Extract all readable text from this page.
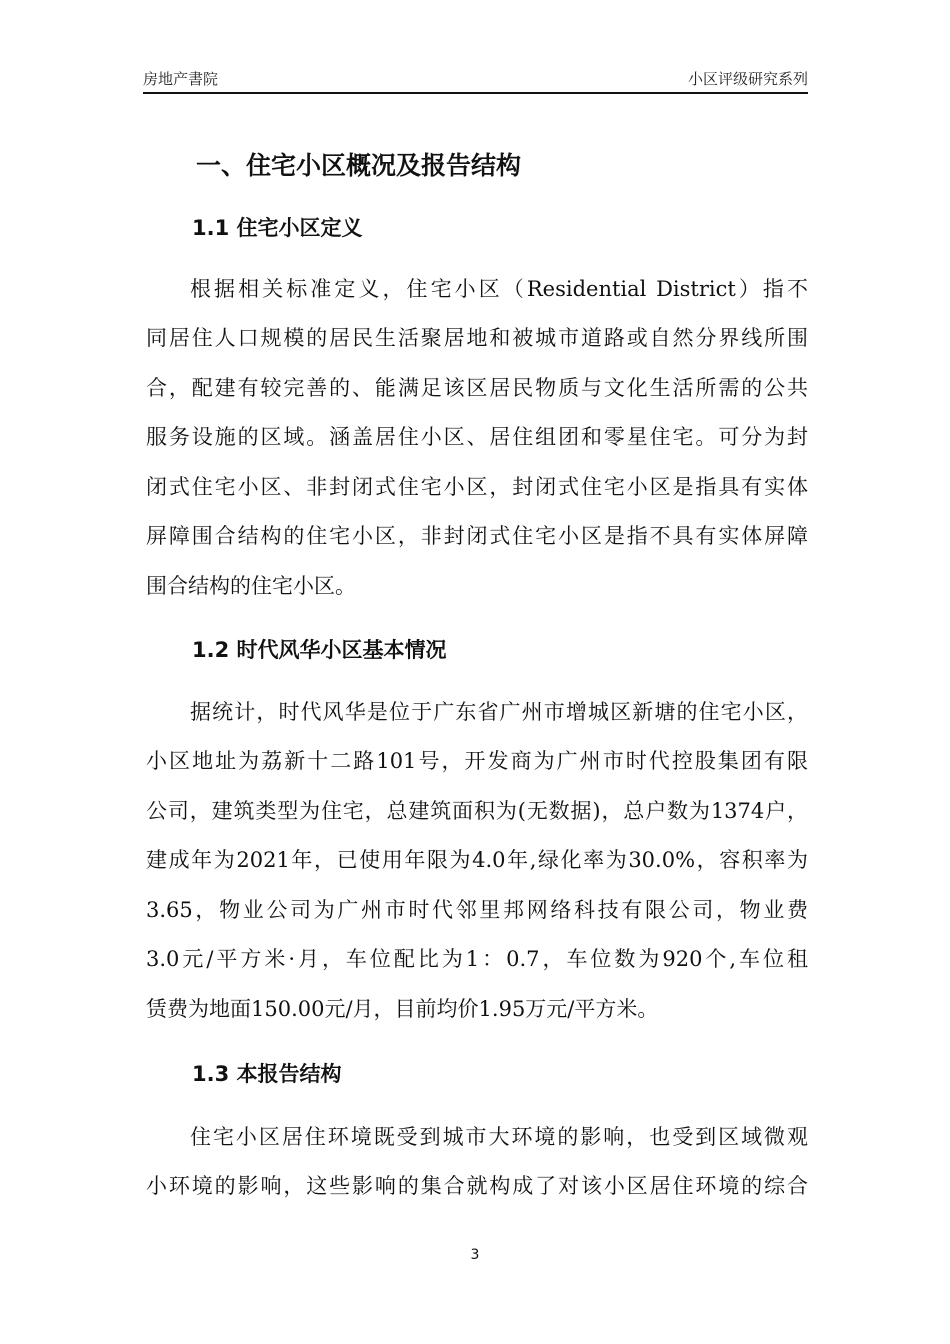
房地产書院	小区评级研究系列
一、住宅小区概况及报告结构
1.1 住宅小区定义
根据相关标准定义，住宅小区（Residential District）指不
同居住人口规模的居民生活聚居地和被城市道路或自然分界线所围
合，配建有较完善的、能满足该区居民物质与文化生活所需的公共
服务设施的区域。涵盖居住小区、居住组团和零星住宅。可分为封
闭式住宅小区、非封闭式住宅小区，封闭式住宅小区是指具有实体
屏障围合结构的住宅小区，非封闭式住宅小区是指不具有实体屏障
围合结构的住宅小区。
1.2 时代风华小区基本情况
据统计，时代风华是位于广东省广州市增城区新塘的住宅小区，
小区地址为荔新十二路101号，开发商为广州市时代控股集团有限
公司，建筑类型为住宅，总建筑面积为(无数据)，总户数为1374户，
建成年为2021年，已使用年限为4.0年,绿化率为30.0%，容积率为
3.65，物业公司为广州市时代邻里邦网络科技有限公司，物业费
3.0元/平方米·月，车位配比为1：0.7，车位数为920个,车位租
赁费为地面150.00元/月，目前均价1.95万元/平方米。
1.3 本报告结构
住宅小区居住环境既受到城市大环境的影响，也受到区域微观
小环境的影响，这些影响的集合就构成了对该小区居住环境的综合
3
